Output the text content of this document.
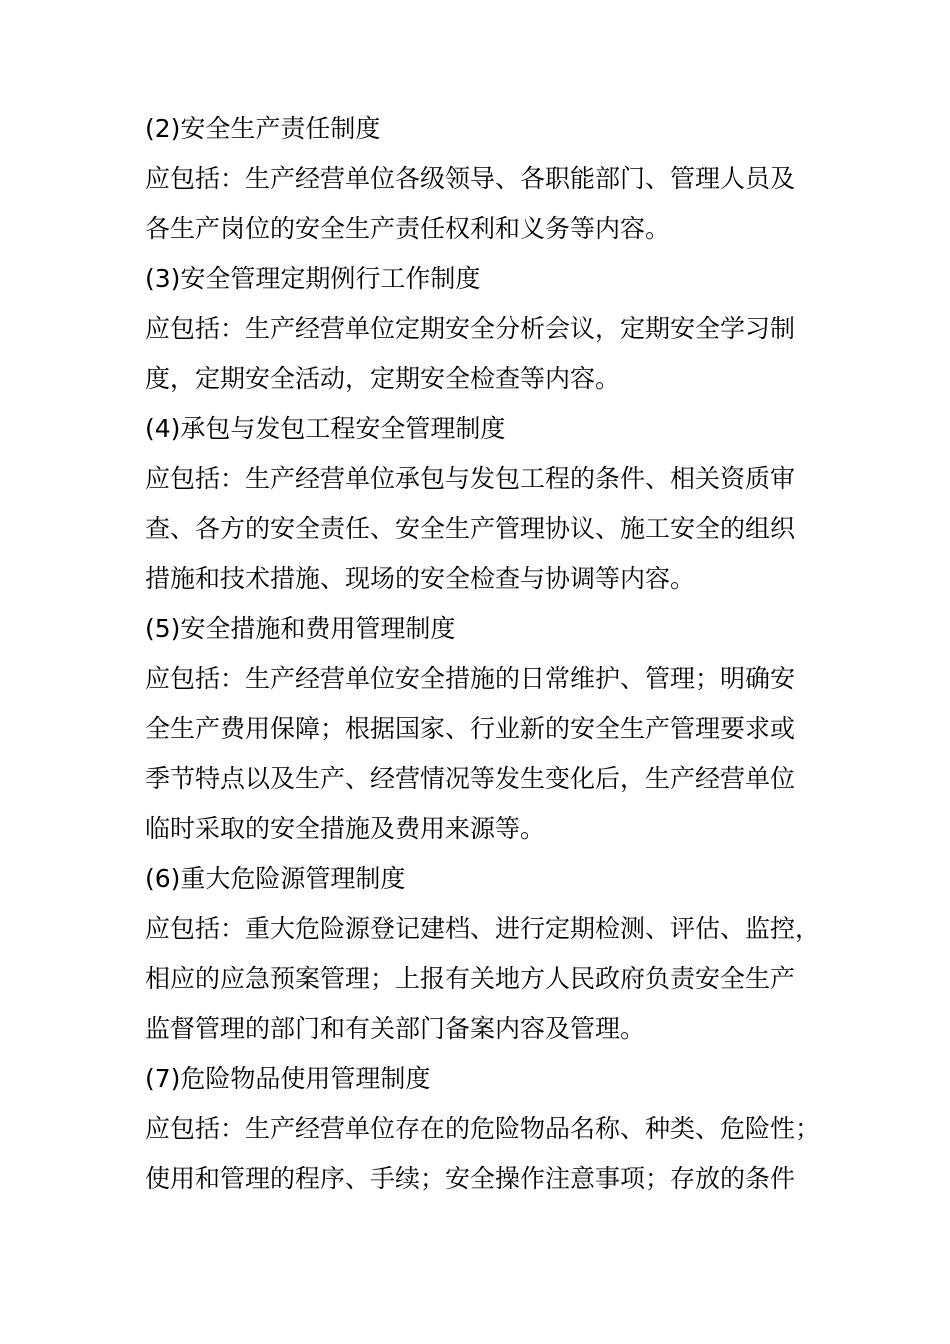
(2)安全生产责任制度
应包括：生产经营单位各级领导、各职能部门、管理人员及
各生产岗位的安全生产责任权利和义务等内容。
(3)安全管理定期例行工作制度
应包括：生产经营单位定期安全分析会议，定期安全学习制
度，定期安全活动，定期安全检查等内容。
(4)承包与发包工程安全管理制度
应包括：生产经营单位承包与发包工程的条件、相关资质审
查、各方的安全责任、安全生产管理协议、施工安全的组织
措施和技术措施、现场的安全检查与协调等内容。
(5)安全措施和费用管理制度
应包括：生产经营单位安全措施的日常维护、管理；明确安
全生产费用保障；根据国家、行业新的安全生产管理要求或
季节特点以及生产、经营情况等发生变化后，生产经营单位
临时采取的安全措施及费用来源等。
(6)重大危险源管理制度
应包括：重大危险源登记建档、进行定期检测、评估、监控，
相应的应急预案管理；上报有关地方人民政府负责安全生产
监督管理的部门和有关部门备案内容及管理。
(7)危险物品使用管理制度
应包括：生产经营单位存在的危险物品名称、种类、危险性；
使用和管理的程序、手续；安全操作注意事项；存放的条件
